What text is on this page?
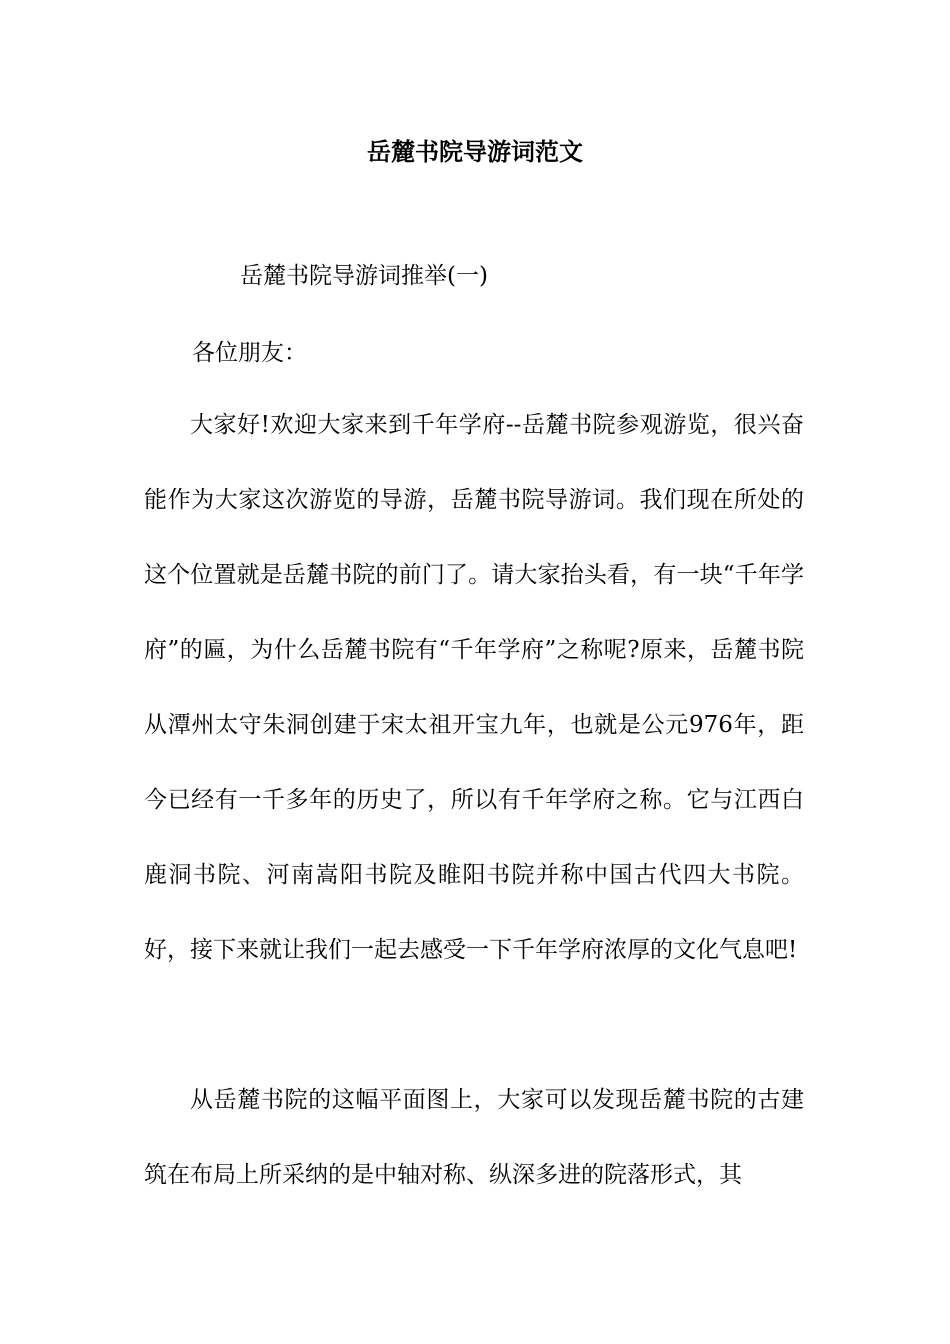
岳麓书院导游词范文

岳麓书院导游词推举(一)

各位朋友：

大家好!欢迎大家来到千年学府--岳麓书院参观游览，很兴奋能作为大家这次游览的导游，岳麓书院导游词。我们现在所处的这个位置就是岳麓书院的前门了。请大家抬头看，有一块“千年学府”的匾，为什么岳麓书院有“千年学府”之称呢?原来，岳麓书院从潭州太守朱洞创建于宋太祖开宝九年，也就是公元976年，距今已经有一千多年的历史了，所以有千年学府之称。它与江西白鹿洞书院、河南嵩阳书院及睢阳书院并称中国古代四大书院。好，接下来就让我们一起去感受一下千年学府浓厚的文化气息吧!

从岳麓书院的这幅平面图上，大家可以发现岳麓书院的古建筑在布局上所采纳的是中轴对称、纵深多进的院落形式，其
